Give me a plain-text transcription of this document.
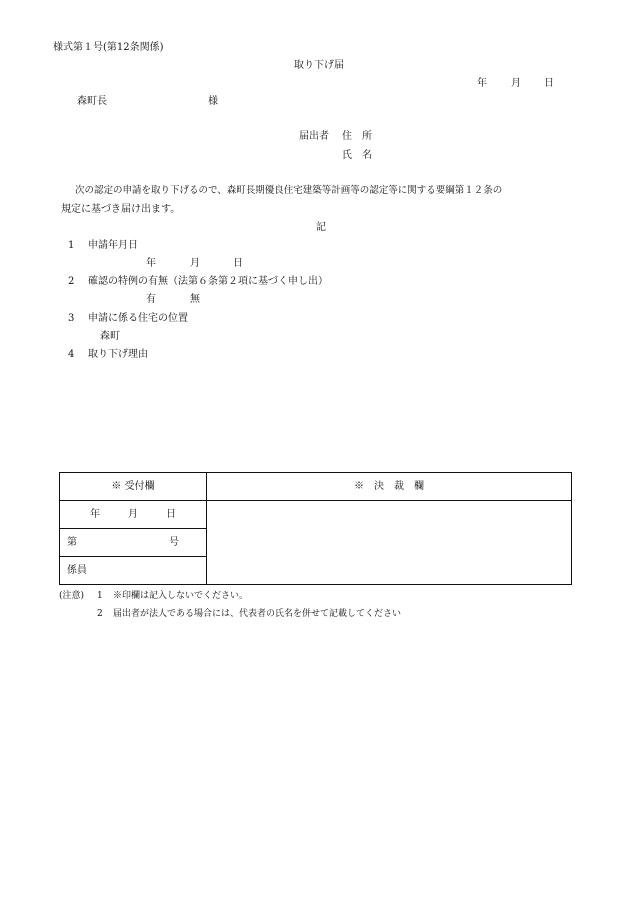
様式第１号(第12条関係)
取り下げ届
年 月 日
森町長	様
届出者 住　所
氏　名
次の認定の申請を取り下げるので、森町長期優良住宅建築等計画等の認定等に関する要綱第１２条の
規定に基づき届け出ます。
記
1 申請年月日
年	月	日
2 確認の特例の有無（法第６条第２項に基づく申し出）
有	無
3 申請に係る住宅の位置
森町
4 取り下げ理由
※ 受付欄	※　決　裁　欄

年 月 日	

第 号	

係員	
(注意) 1 ※印欄は記入しないでください。
2 届出者が法人である場合には、代表者の氏名を併せて記載してください
